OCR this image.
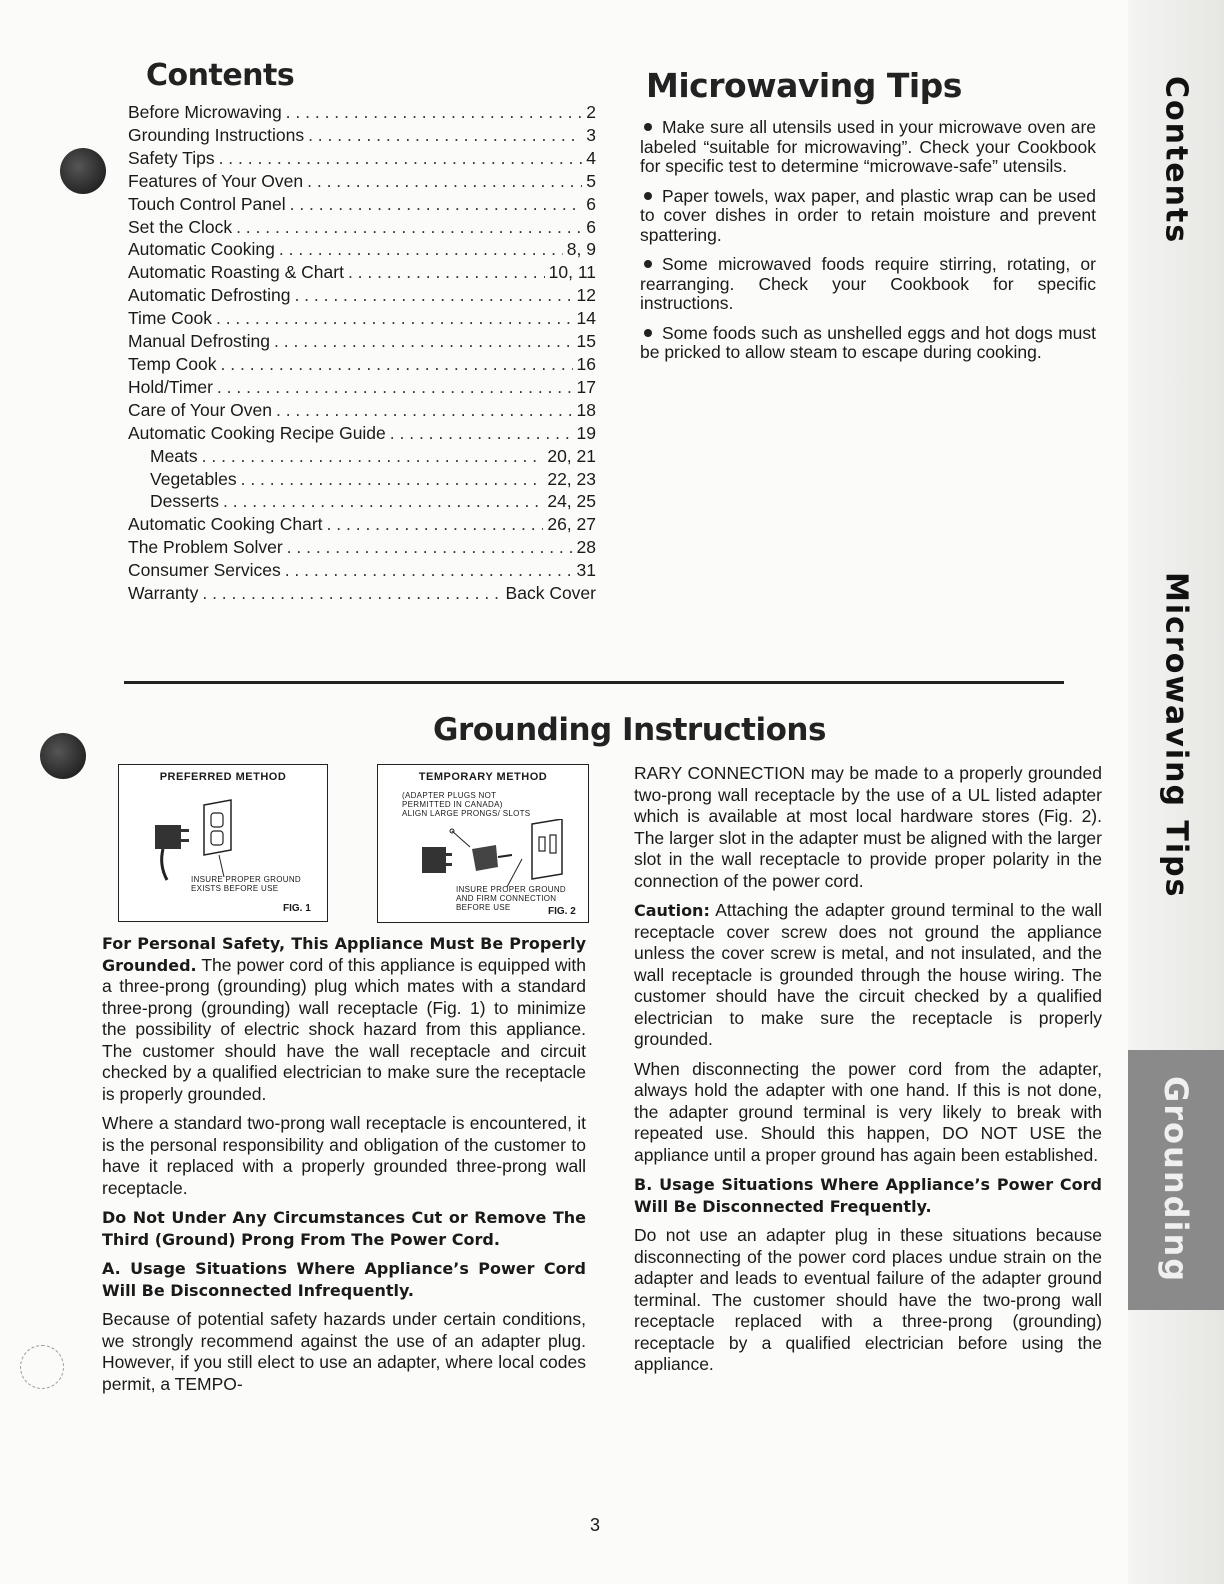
Contents
Microwaving Tips
Grounding
Contents
Before Microwaving . . .	2
Grounding Instructions . . .	3
Safety Tips . . .	4
Features of Your Oven . . .	5
Touch Control Panel . . .	6
Set the Clock . . .	6
Automatic Cooking . . .	8, 9
Automatic Roasting & Chart . . .	10, 11
Automatic Defrosting . . .	12
Time Cook . . .	14
Manual Defrosting . . .	15
Temp Cook . . .	16
Hold/Timer . . .	17
Care of Your Oven . . .	18
Automatic Cooking Recipe Guide . . .	19
Meats . . .	20, 21
Vegetables . . .	22, 23
Desserts . . .	24, 25
Automatic Cooking Chart . . .	26, 27
The Problem Solver . . .	28
Consumer Services . . .	31
Warranty . . .	Back Cover
Microwaving Tips

Make sure all utensils used in your microwave oven are labeled “suitable for microwaving”. Check your Cookbook for specific test to determine “microwave-safe” utensils.

Paper towels, wax paper, and plastic wrap can be used to cover dishes in order to retain moisture and prevent spattering.

Some microwaved foods require stirring, rotating, or rearranging. Check your Cookbook for specific instructions.

Some foods such as unshelled eggs and hot dogs must be pricked to allow steam to escape during cooking.

Grounding Instructions
PREFERRED METHOD
INSURE PROPER GROUND
EXISTS BEFORE USE
FIG. 1
TEMPORARY METHOD
(ADAPTER PLUGS NOT
PERMITTED IN CANADA)
ALIGN LARGE PRONGS/ SLOTS
INSURE PROPER GROUND
AND FIRM CONNECTION
BEFORE USE	FIG. 2

For Personal Safety, This Appliance Must Be Properly Grounded. The power cord of this appliance is equipped with a three-prong (grounding) plug which mates with a standard three-prong (grounding) wall receptacle (Fig. 1) to minimize the possibility of electric shock hazard from this appliance. The customer should have the wall receptacle and circuit checked by a qualified electrician to make sure the receptacle is properly grounded.

Where a standard two-prong wall receptacle is encountered, it is the personal responsibility and obligation of the customer to have it replaced with a properly grounded three-prong wall receptacle.

Do Not Under Any Circumstances Cut or Remove The Third (Ground) Prong From The Power Cord.

A. Usage Situations Where Appliance’s Power Cord Will Be Disconnected Infrequently.

Because of potential safety hazards under certain conditions, we strongly recommend against the use of an adapter plug. However, if you still elect to use an adapter, where local codes permit, a TEMPO-

RARY CONNECTION may be made to a properly grounded two-prong wall receptacle by the use of a UL listed adapter which is available at most local hardware stores (Fig. 2). The larger slot in the adapter must be aligned with the larger slot in the wall receptacle to provide proper polarity in the connection of the power cord.

Caution: Attaching the adapter ground terminal to the wall receptacle cover screw does not ground the appliance unless the cover screw is metal, and not insulated, and the wall receptacle is grounded through the house wiring. The customer should have the circuit checked by a qualified electrician to make sure the receptacle is properly grounded.

When disconnecting the power cord from the adapter, always hold the adapter with one hand. If this is not done, the adapter ground terminal is very likely to break with repeated use. Should this happen, DO NOT USE the appliance until a proper ground has again been established.

B. Usage Situations Where Appliance’s Power Cord Will Be Disconnected Frequently.

Do not use an adapter plug in these situations because disconnecting of the power cord places undue strain on the adapter and leads to eventual failure of the adapter ground terminal. The customer should have the two-prong wall receptacle replaced with a three-prong (grounding) receptacle by a qualified electrician before using the appliance.

3
